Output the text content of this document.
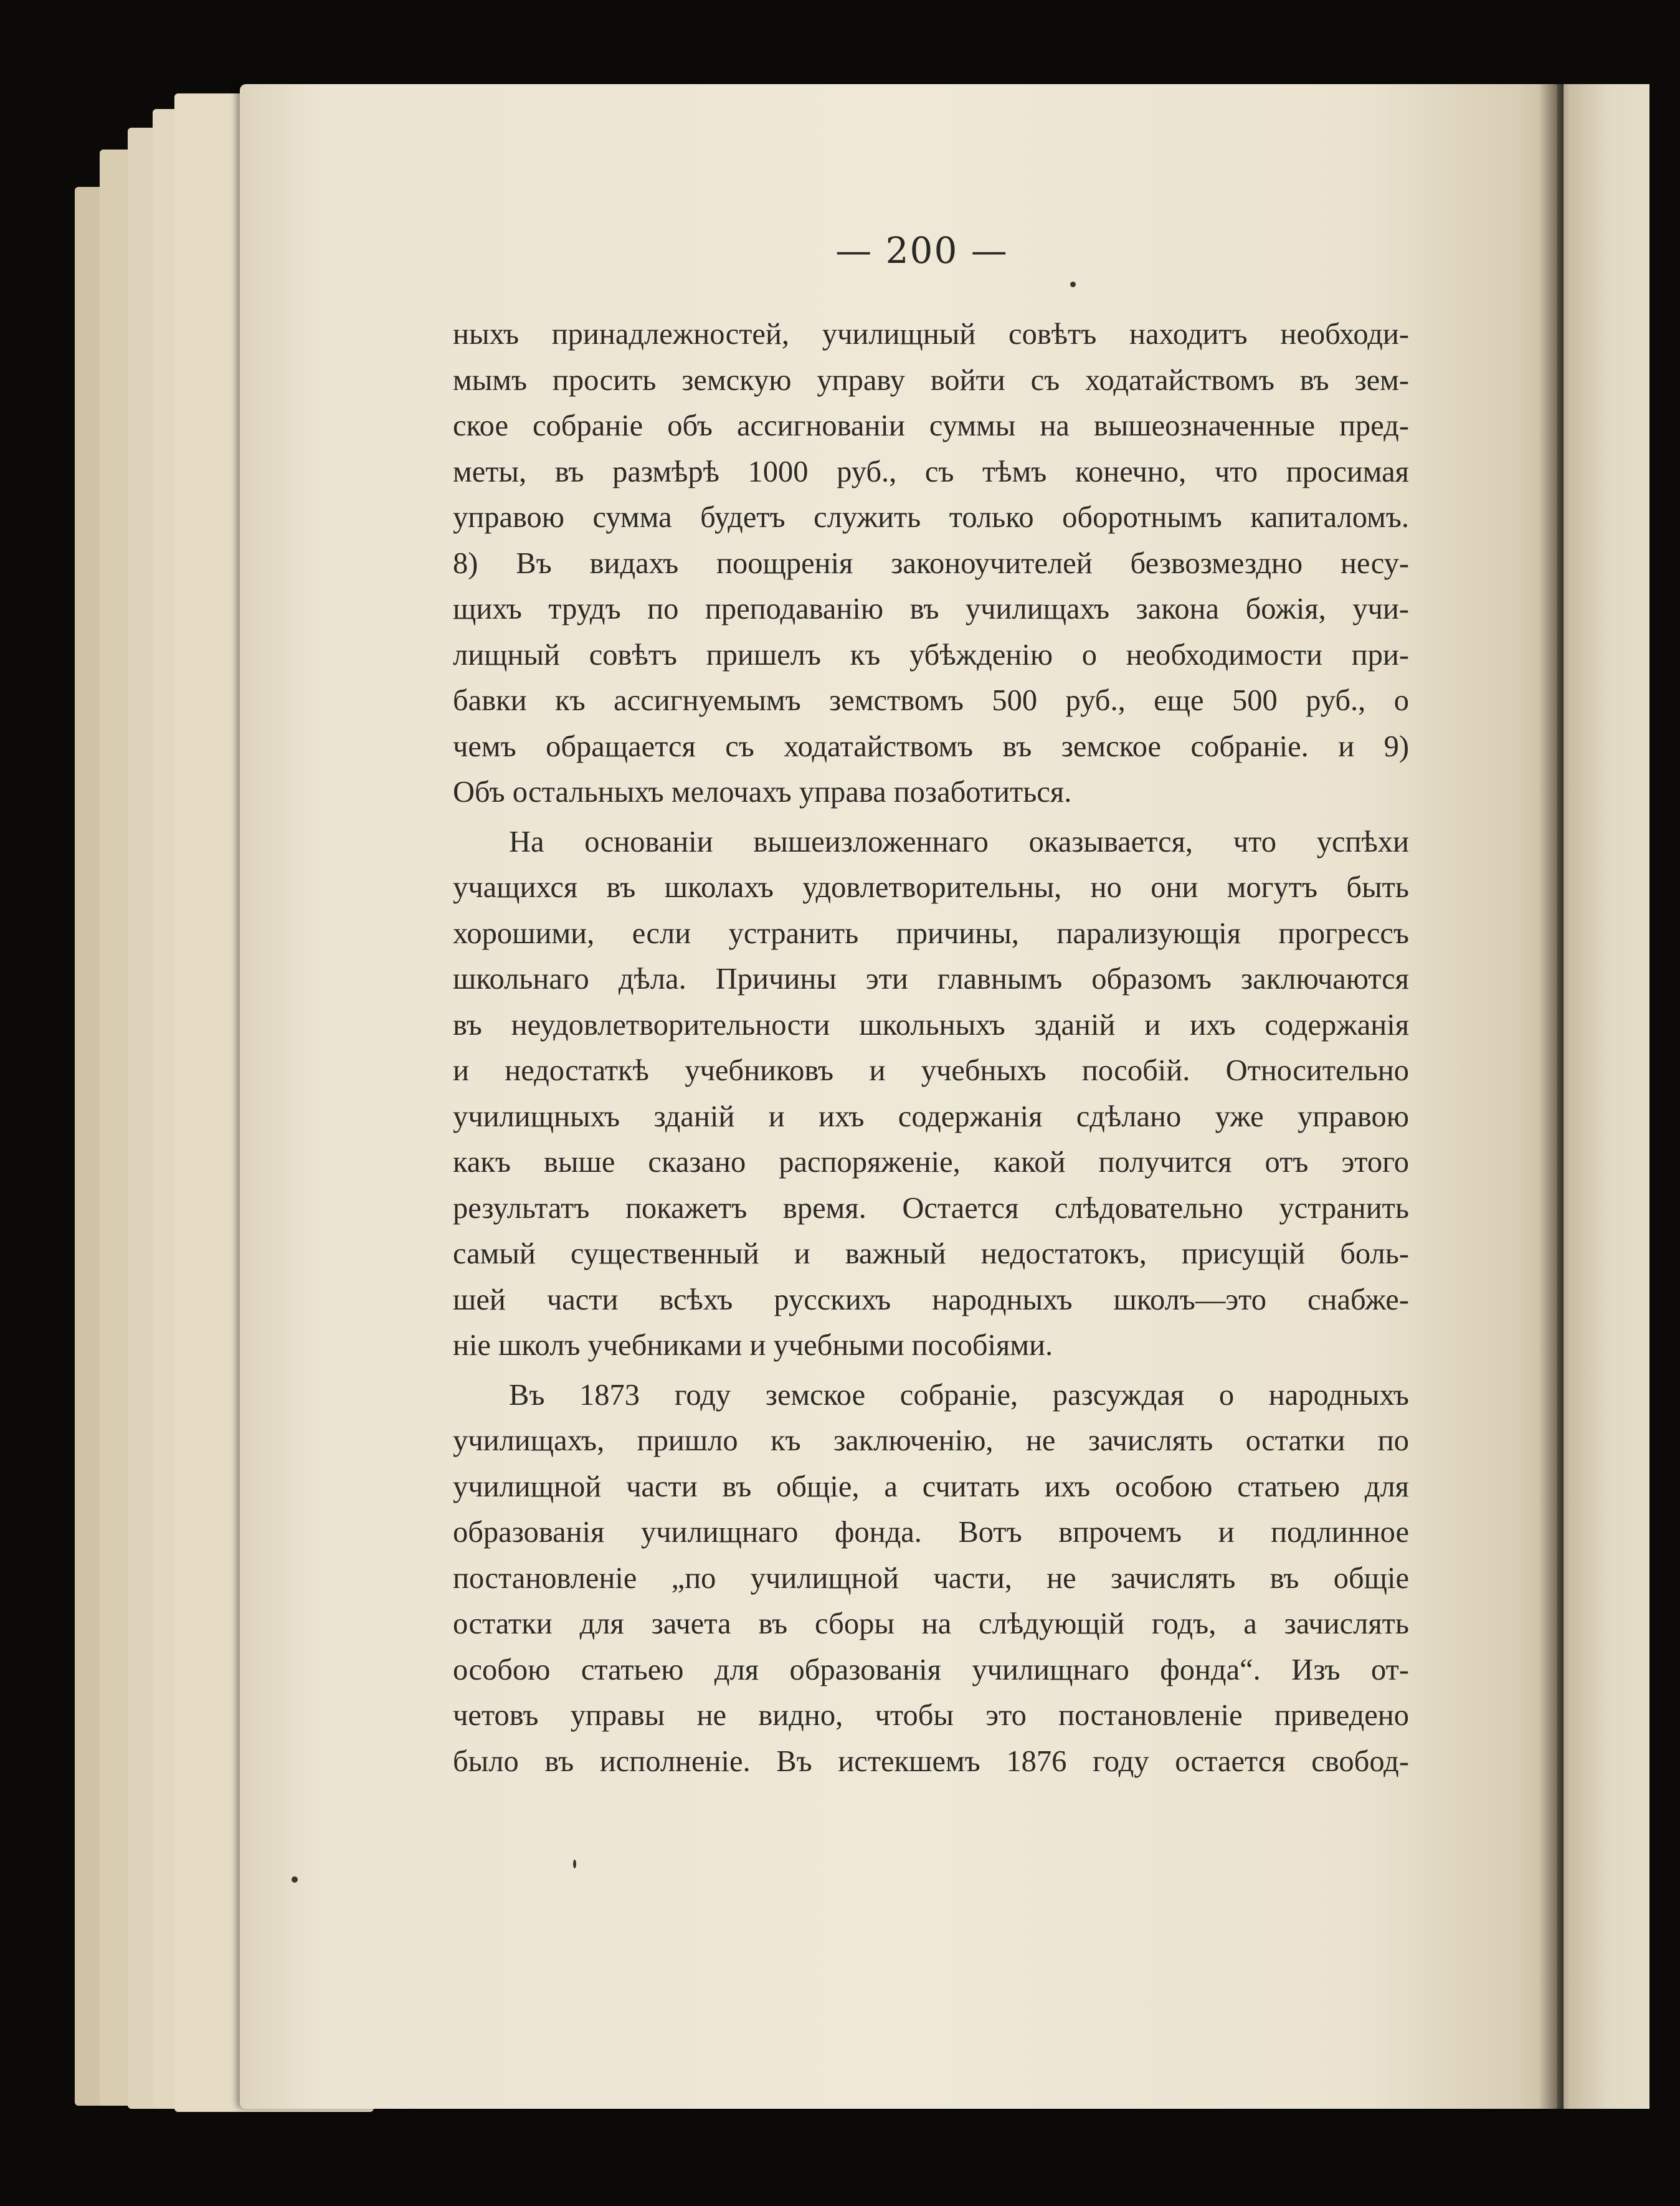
— 200 —
ныхъ принадлежностей, училищный совѣтъ находитъ необходи-
мымъ просить земскую управу войти съ ходатайствомъ въ зем-
ское собраніе объ ассигнованіи суммы на вышеозначенные пред-
меты, въ размѣрѣ 1000 руб., съ тѣмъ конечно, что просимая
управою сумма будетъ служить только оборотнымъ капиталомъ.
8) Въ видахъ поощренія законоучителей безвозмездно несу-
щихъ трудъ по преподаванію въ училищахъ закона божія, учи-
лищный совѣтъ пришелъ къ убѣжденію о необходимости при-
бавки къ ассигнуемымъ земствомъ 500 руб., еще 500 руб., о
чемъ обращается съ ходатайствомъ въ земское собраніе. и 9)
Объ остальныхъ мелочахъ управа позаботиться.
На основаніи вышеизложеннаго оказывается, что успѣхи
учащихся въ школахъ удовлетворительны, но они могутъ быть
хорошими, если устранить причины, парализующія прогрессъ
школьнаго дѣла. Причины эти главнымъ образомъ заключаются
въ неудовлетворительности школьныхъ зданій и ихъ содержанія
и недостаткѣ учебниковъ и учебныхъ пособій. Относительно
училищныхъ зданій и ихъ содержанія сдѣлано уже управою
какъ выше сказано распоряженіе, какой получится отъ этого
результатъ покажетъ время. Остается слѣдовательно устранить
самый существенный и важный недостатокъ, присущій боль-
шей части всѣхъ русскихъ народныхъ школъ—это снабже-
ніе школъ учебниками и учебными пособіями.
Въ 1873 году земское собраніе, разсуждая о народныхъ
училищахъ, пришло къ заключенію, не зачислять остатки по
училищной части въ общіе, а считать ихъ особою статьею для
образованія училищнаго фонда. Вотъ впрочемъ и подлинное
постановленіе „по училищной части, не зачислять въ общіе
остатки для зачета въ сборы на слѣдующій годъ, а зачислять
особою статьею для образованія училищнаго фонда“. Изъ от-
четовъ управы не видно, чтобы это постановленіе приведено
было въ исполненіе. Въ истекшемъ 1876 году остается свобод-
